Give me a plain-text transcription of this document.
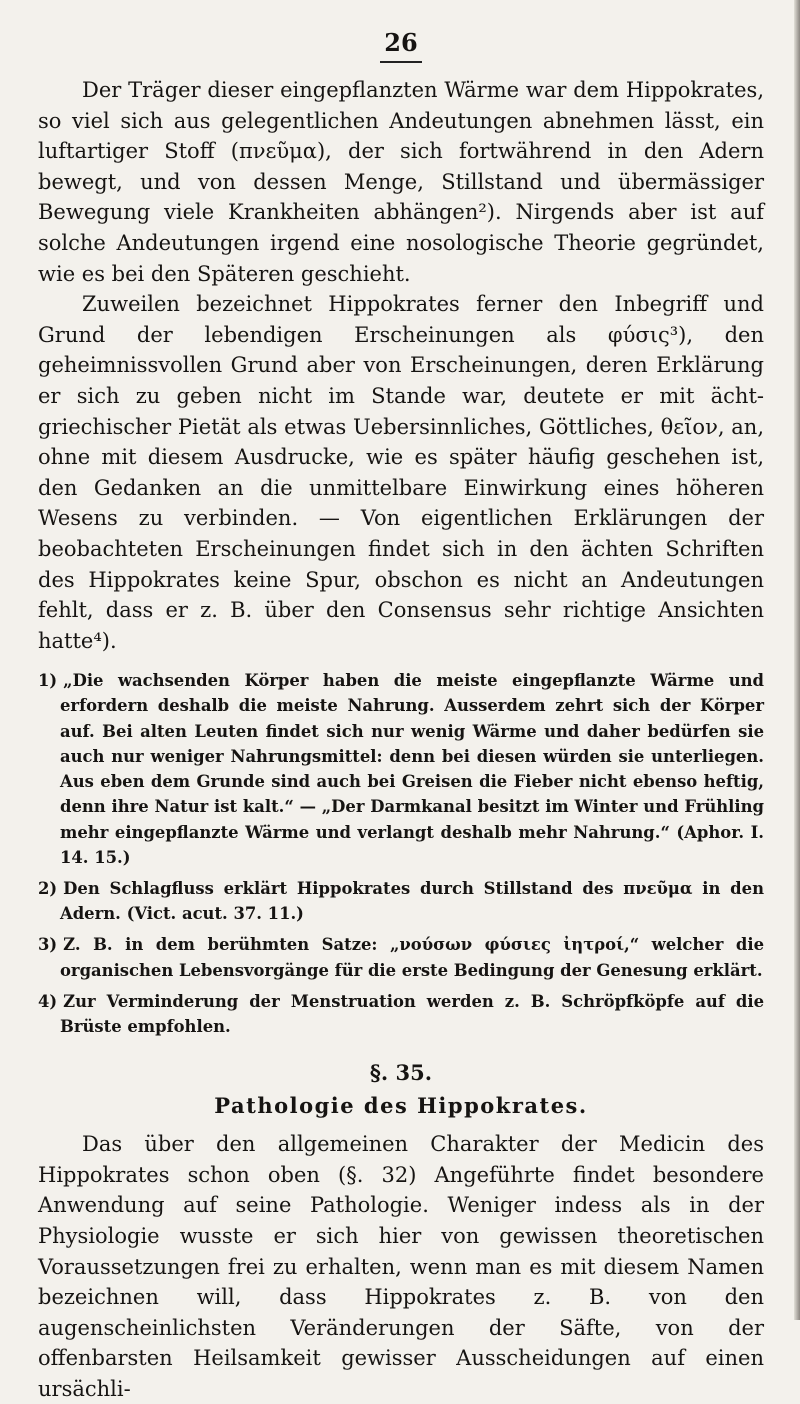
26

Der Träger dieser eingepflanzten Wärme war dem Hippokrates, so viel sich aus gelegentlichen Andeutungen abnehmen lässt, ein luftartiger Stoff (πνεῦμα), der sich fortwährend in den Adern bewegt, und von dessen Menge, Stillstand und übermässiger Bewegung viele Krankheiten abhängen²). Nirgends aber ist auf solche Andeutungen irgend eine nosologische Theorie gegründet, wie es bei den Späteren geschieht.

Zuweilen bezeichnet Hippokrates ferner den Inbegriff und Grund der lebendigen Erscheinungen als φύσις³), den geheimnissvollen Grund aber von Erscheinungen, deren Erklärung er sich zu geben nicht im Stande war, deutete er mit ächt-griechischer Pietät als etwas Uebersinnliches, Göttliches, θεῖον, an, ohne mit diesem Ausdrucke, wie es später häufig geschehen ist, den Gedanken an die unmittelbare Einwirkung eines höheren Wesens zu verbinden. — Von eigentlichen Erklärungen der beobachteten Erscheinungen findet sich in den ächten Schriften des Hippokrates keine Spur, obschon es nicht an Andeutungen fehlt, dass er z. B. über den Consensus sehr richtige Ansichten hatte⁴).

1) „Die wachsenden Körper haben die meiste eingepflanzte Wärme und erfordern deshalb die meiste Nahrung. Ausserdem zehrt sich der Körper auf. Bei alten Leuten findet sich nur wenig Wärme und daher bedürfen sie auch nur weniger Nahrungsmittel: denn bei diesen würden sie unterliegen. Aus eben dem Grunde sind auch bei Greisen die Fieber nicht ebenso heftig, denn ihre Natur ist kalt.“ — „Der Darmkanal besitzt im Winter und Frühling mehr eingepflanzte Wärme und verlangt deshalb mehr Nahrung.“ (Aphor. I. 14. 15.)
2) Den Schlagfluss erklärt Hippokrates durch Stillstand des πνεῦμα in den Adern. (Vict. acut. 37. 11.)
3) Z. B. in dem berühmten Satze: „νούσων φύσιες ἰητροί,“ welcher die organischen Lebensvorgänge für die erste Bedingung der Genesung erklärt.
4) Zur Verminderung der Menstruation werden z. B. Schröpfköpfe auf die Brüste empfohlen.
§. 35.
Pathologie des Hippokrates.

Das über den allgemeinen Charakter der Medicin des Hippokrates schon oben (§. 32) Angeführte findet besondere Anwendung auf seine Pathologie. Weniger indess als in der Physiologie wusste er sich hier von gewissen theoretischen Voraussetzungen frei zu erhalten, wenn man es mit diesem Namen bezeichnen will, dass Hippokrates z. B. von den augenscheinlichsten Veränderungen der Säfte, von der offenbarsten Heilsamkeit gewisser Ausscheidungen auf einen ursächli-
